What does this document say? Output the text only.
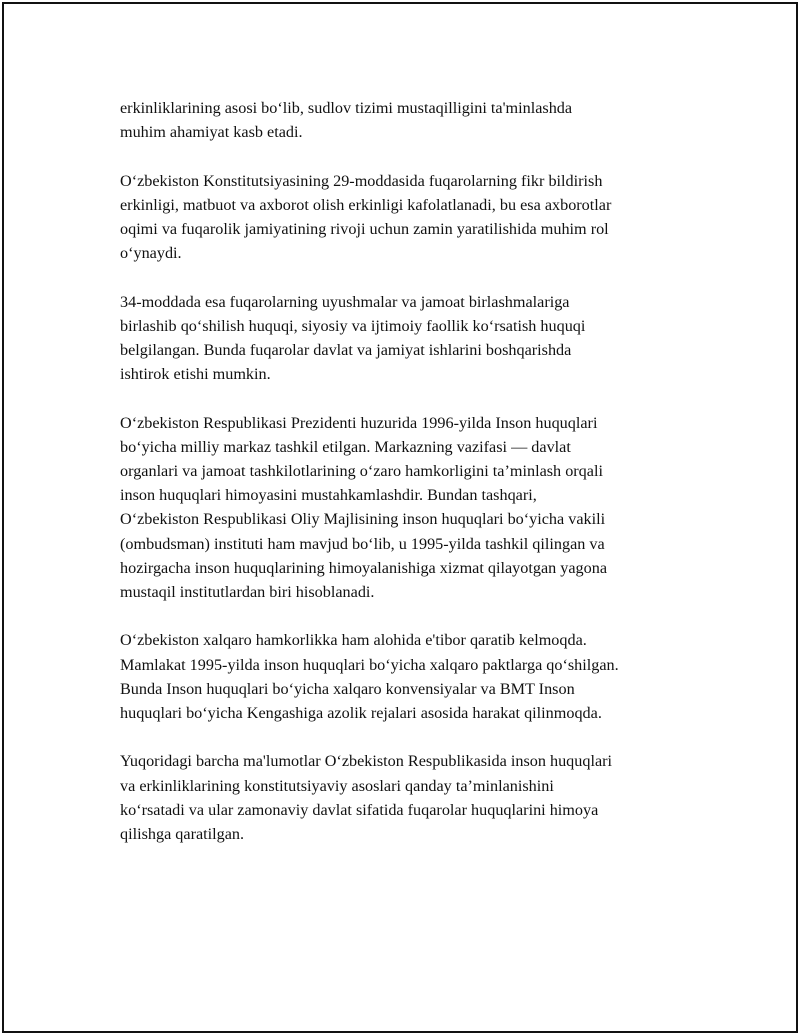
erkinliklarining asosi bo‘lib, sudlov tizimi mustaqilligini ta'minlashda
muhim ahamiyat kasb etadi.

O‘zbekiston Konstitutsiyasining 29-moddasida fuqarolarning fikr bildirish
erkinligi, matbuot va axborot olish erkinligi kafolatlanadi, bu esa axborotlar
oqimi va fuqarolik jamiyatining rivoji uchun zamin yaratilishida muhim rol
o‘ynaydi.

34-moddada esa fuqarolarning uyushmalar va jamoat birlashmalariga
birlashib qo‘shilish huquqi, siyosiy va ijtimoiy faollik ko‘rsatish huquqi
belgilangan. Bunda fuqarolar davlat va jamiyat ishlarini boshqarishda
ishtirok etishi mumkin.

O‘zbekiston Respublikasi Prezidenti huzurida 1996-yilda Inson huquqlari
bo‘yicha milliy markaz tashkil etilgan. Markazning vazifasi — davlat
organlari va jamoat tashkilotlarining o‘zaro hamkorligini ta’minlash orqali
inson huquqlari himoyasini mustahkamlashdir. Bundan tashqari,
O‘zbekiston Respublikasi Oliy Majlisining inson huquqlari bo‘yicha vakili
(ombudsman) instituti ham mavjud bo‘lib, u 1995-yilda tashkil qilingan va
hozirgacha inson huquqlarining himoyalanishiga xizmat qilayotgan yagona
mustaqil institutlardan biri hisoblanadi.

O‘zbekiston xalqaro hamkorlikka ham alohida e'tibor qaratib kelmoqda.
Mamlakat 1995-yilda inson huquqlari bo‘yicha xalqaro paktlarga qo‘shilgan.
Bunda Inson huquqlari bo‘yicha xalqaro konvensiyalar va BMT Inson
huquqlari bo‘yicha Kengashiga azolik rejalari asosida harakat qilinmoqda.

Yuqoridagi barcha ma'lumotlar O‘zbekiston Respublikasida inson huquqlari
va erkinliklarining konstitutsiyaviy asoslari qanday ta’minlanishini
ko‘rsatadi va ular zamonaviy davlat sifatida fuqarolar huquqlarini himoya
qilishga qaratilgan.
